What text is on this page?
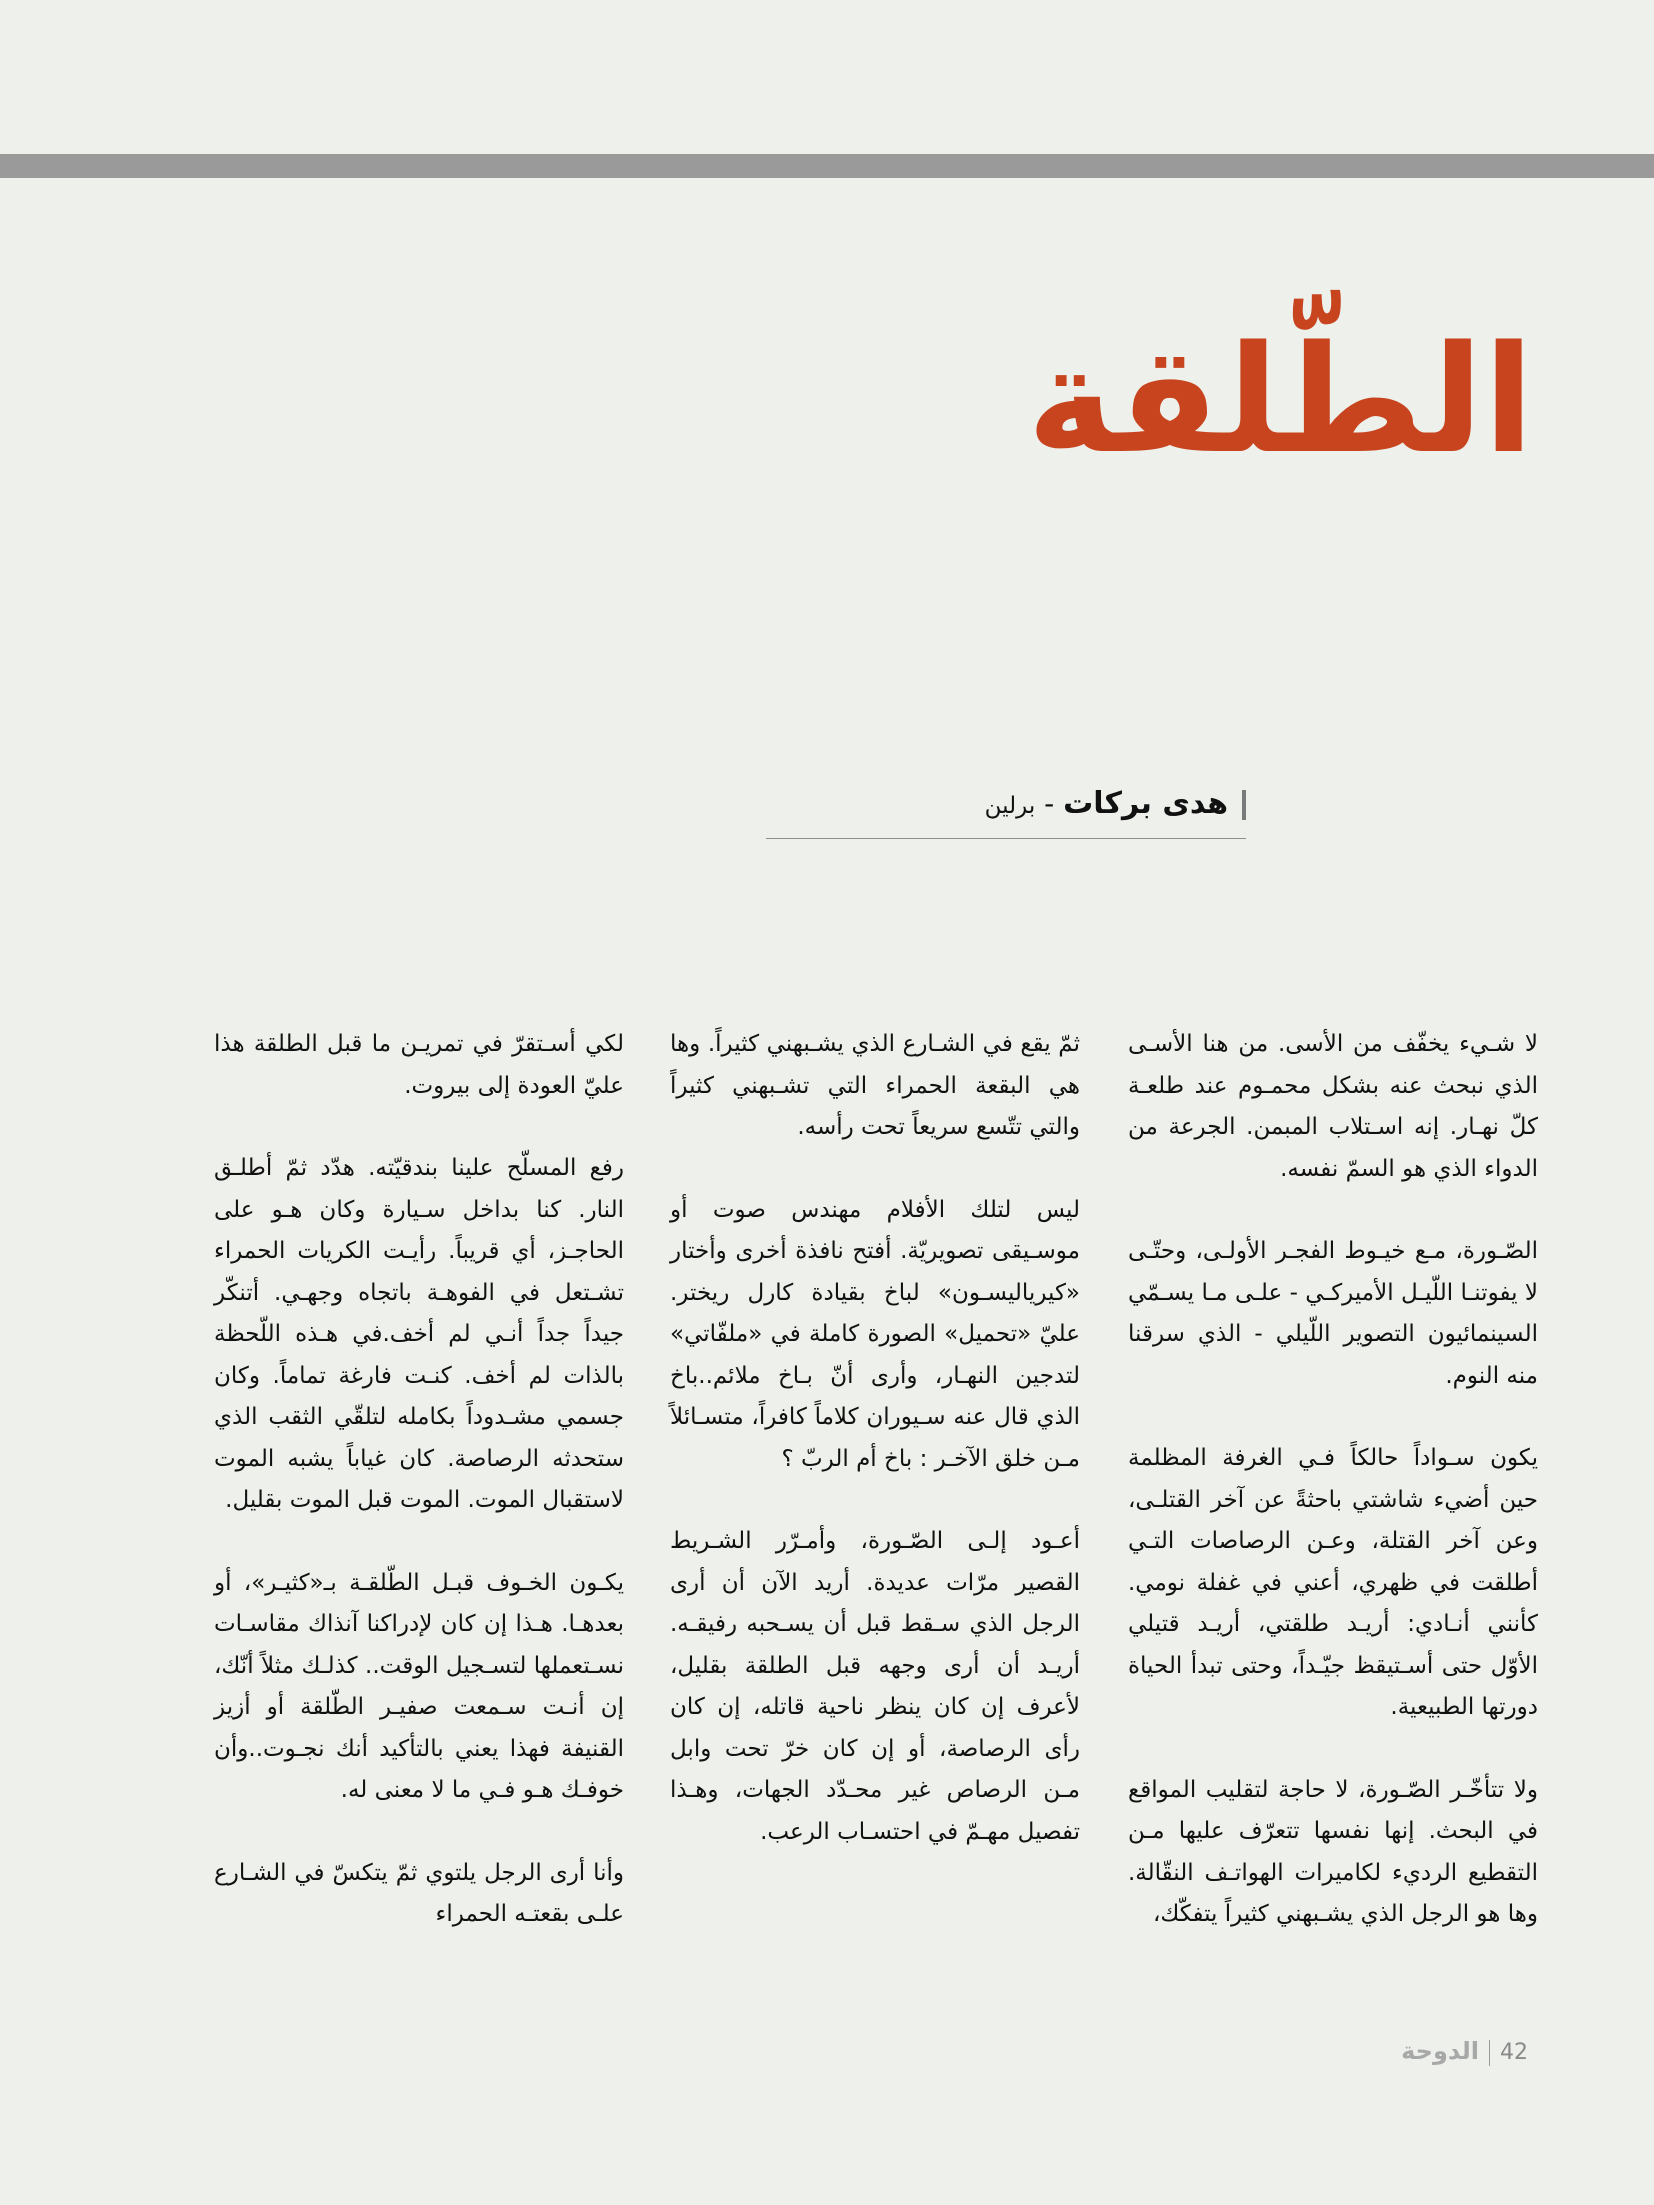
الطّلقة
هدى بركات - برلين

لا شـيء يخفّف من الأسى. من هنا الأسـى الذي نبحث عنه بشكل محمـوم عند طلعـة كلّ نهـار. إنه اسـتلاب المبمن. الجرعة من الدواء الذي هو السمّ نفسه.

الصّـورة، مـع خيـوط الفجـر الأولـى، وحتّـى لا يفوتنـا اللّيـل الأميركـي - علـى مـا يسـمّي السينمائيون التصوير اللّيلي - الذي سرقنا منه النوم.

يكون سـواداً حالكاً فـي الغرفة المظلمة حين أضيء شاشتي باحثةً عن آخر القتلـى، وعن آخر القتلة، وعـن الرصاصات التـي أطلقت في ظهري، أعني في غفلة نومي. كأنني أنـادي: أريـد طلقتي، أريـد قتيلي الأوّل حتى أسـتيقظ جيّـداً، وحتى تبدأ الحياة دورتها الطبيعية.

ولا تتأخّـر الصّـورة، لا حاجة لتقليب المواقع في البحث. إنها نفسها تتعرّف عليها مـن التقطيع الرديء لكاميرات الهواتـف النقّالة. وها هو الرجل الذي يشـبهني كثيراً يتفكّك،

ثمّ يقع في الشـارع الذي يشـبهني كثيراً. وها هي البقعة الحمراء التي تشـبهني كثيراً والتي تتّسع سريعاً تحت رأسه.

ليس لتلك الأفلام مهندس صوت أو موسـيقى تصويريّة. أفتح نافذة أخرى وأختار «كيرياليسـون» لباخ بقيادة كارل ريختر. عليّ «تحميل» الصورة كاملة في «ملفّاتي» لتدجين النهـار، وأرى أنّ بـاخ ملائم..باخ الذي قال عنه سـيوران كلاماً كافراً، متسـائلاً مـن خلق الآخـر : باخ أم الربّ ؟

أعـود إلـى الصّـورة، وأمـرّر الشـريط القصير مرّات عديدة. أريد الآن أن أرى الرجل الذي سـقط قبل أن يسـحبه رفيقـه. أريـد أن أرى وجهه قبل الطلقة بقليل، لأعرف إن كان ينظر ناحية قاتله، إن كان رأى الرصاصة، أو إن كان خرّ تحت وابل مـن الرصاص غير محـدّد الجهات، وهـذا تفصيل مهـمّ في احتسـاب الرعب.

لكي أسـتقرّ في تمريـن ما قبل الطلقة هذا عليّ العودة إلى بيروت.

رفع المسلّح علينا بندقيّته. هدّد ثمّ أطلـق النار. كنا بداخل سـيارة وكان هـو على الحاجـز، أي قريباً. رأيـت الكريات الحمراء تشـتعل في الفوهـة باتجاه وجهـي. أتنكّر جيداً جداً أنـي لم أخف.في هـذه اللّحظة بالذات لم أخف. كنـت فارغة تماماً. وكان جسمي مشـدوداً بكامله لتلقّي الثقب الذي ستحدثه الرصاصة. كان غياباً يشبه الموت لاستقبال الموت. الموت قبل الموت بقليل.

يكـون الخـوف قبـل الطّلقـة بـ«كثيـر»، أو بعدهـا. هـذا إن كان لإدراكنا آنذاك مقاسـات نسـتعملها لتسـجيل الوقت.. كذلـك مثلاً أنّك، إن أنـت سـمعت صفيـر الطّلقة أو أزيز القنيفة فهذا يعني بالتأكيد أنك نجـوت..وأن خوفـك هـو فـي ما لا معنى له.

وأنا أرى الرجل يلتوي ثمّ يتكسّ في الشـارع علـى بقعتـه الحمراء

42الدوحة
